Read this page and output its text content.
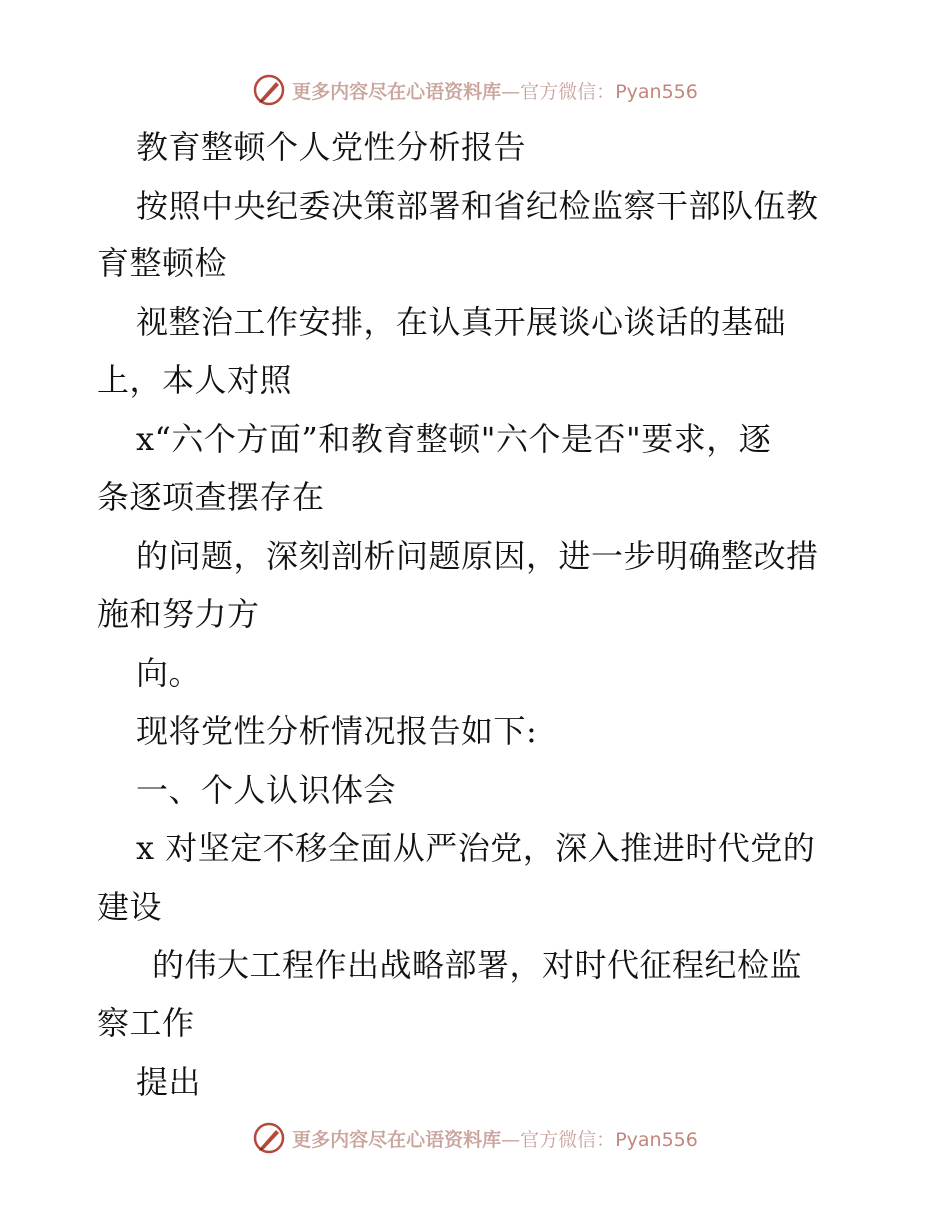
更多内容尽在心语资料库—官方微信：Pyan556
教育整顿个人党性分析报告
按照中央纪委决策部署和省纪检监察干部队伍教
育整顿检
视整治工作安排，在认真开展谈心谈话的基础
上，本人对照
x“六个方面”和教育整顿"六个是否"要求，逐
条逐项查摆存在
的问题，深刻剖析问题原因，进一步明确整改措
施和努力方
向。
现将党性分析情况报告如下:
一、个人认识体会
x 对坚定不移全面从严治党，深入推进时代党的
建设
的伟大工程作出战略部署，对时代征程纪检监
察工作
提出
更多内容尽在心语资料库—官方微信：Pyan556
